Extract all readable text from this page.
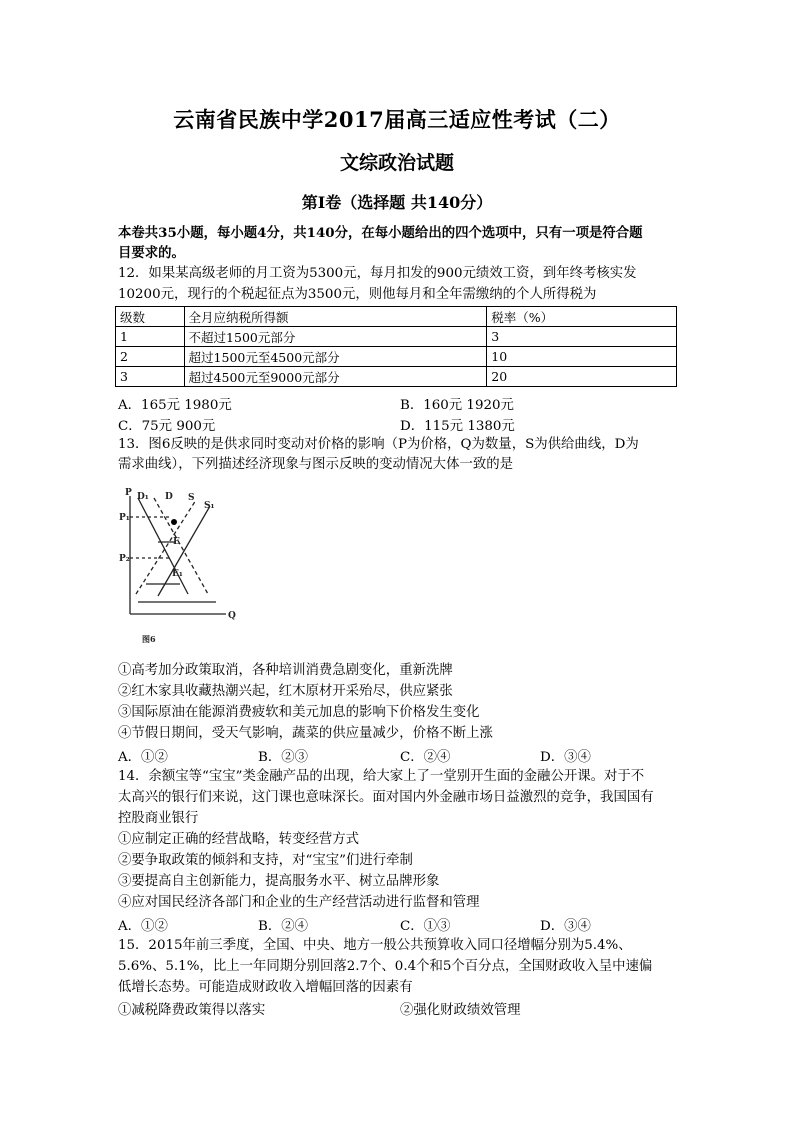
云南省民族中学2017届高三适应性考试（二）
文综政治试题
第Ⅰ卷（选择题 共140分）
本卷共35小题，每小题4分，共140分，在每小题给出的四个选项中，只有一项是符合题
目要求的。
12．如果某高级老师的月工资为5300元，每月扣发的900元绩效工资，到年终考核实发
10200元，现行的个税起征点为3500元，则他每月和全年需缴纳的个人所得税为
级数	全月应纳税所得额	税率（%）
1	不超过1500元部分	3
2	超过1500元至4500元部分	10
3	超过4500元至9000元部分	20
A．165元 1980元	B．160元 1920元
C．75元 900元	D．115元 1380元
13．图6反映的是供求同时变动对价格的影响（P为价格，Q为数量，S为供给曲线，D为
需求曲线），下列描述经济现象与图示反映的变动情况大体一致的是
P
Q
P₁
P₂
D₁ D S
S₁
E
E₁
图6
①高考加分政策取消，各种培训消费急剧变化，重新洗牌
②红木家具收藏热潮兴起，红木原材开采殆尽，供应紧张
③国际原油在能源消费疲软和美元加息的影响下价格发生变化
④节假日期间，受天气影响，蔬菜的供应量减少，价格不断上涨
A．①②	B．②③	C．②④	D．③④
14．余额宝等“宝宝”类金融产品的出现，给大家上了一堂别开生面的金融公开课。对于不
太高兴的银行们来说，这门课也意味深长。面对国内外金融市场日益激烈的竞争，我国国有
控股商业银行
①应制定正确的经营战略，转变经营方式
②要争取政策的倾斜和支持，对“宝宝”们进行牵制
③要提高自主创新能力，提高服务水平、树立品牌形象
④应对国民经济各部门和企业的生产经营活动进行监督和管理
A．①②	B．②④	C．①③	D．③④
15．2015年前三季度，全国、中央、地方一般公共预算收入同口径增幅分别为5.4%、
5.6%、5.1%，比上一年同期分别回落2.7个、0.4个和5个百分点，全国财政收入呈中速偏
低增长态势。可能造成财政收入增幅回落的因素有
①减税降费政策得以落实	②强化财政绩效管理
